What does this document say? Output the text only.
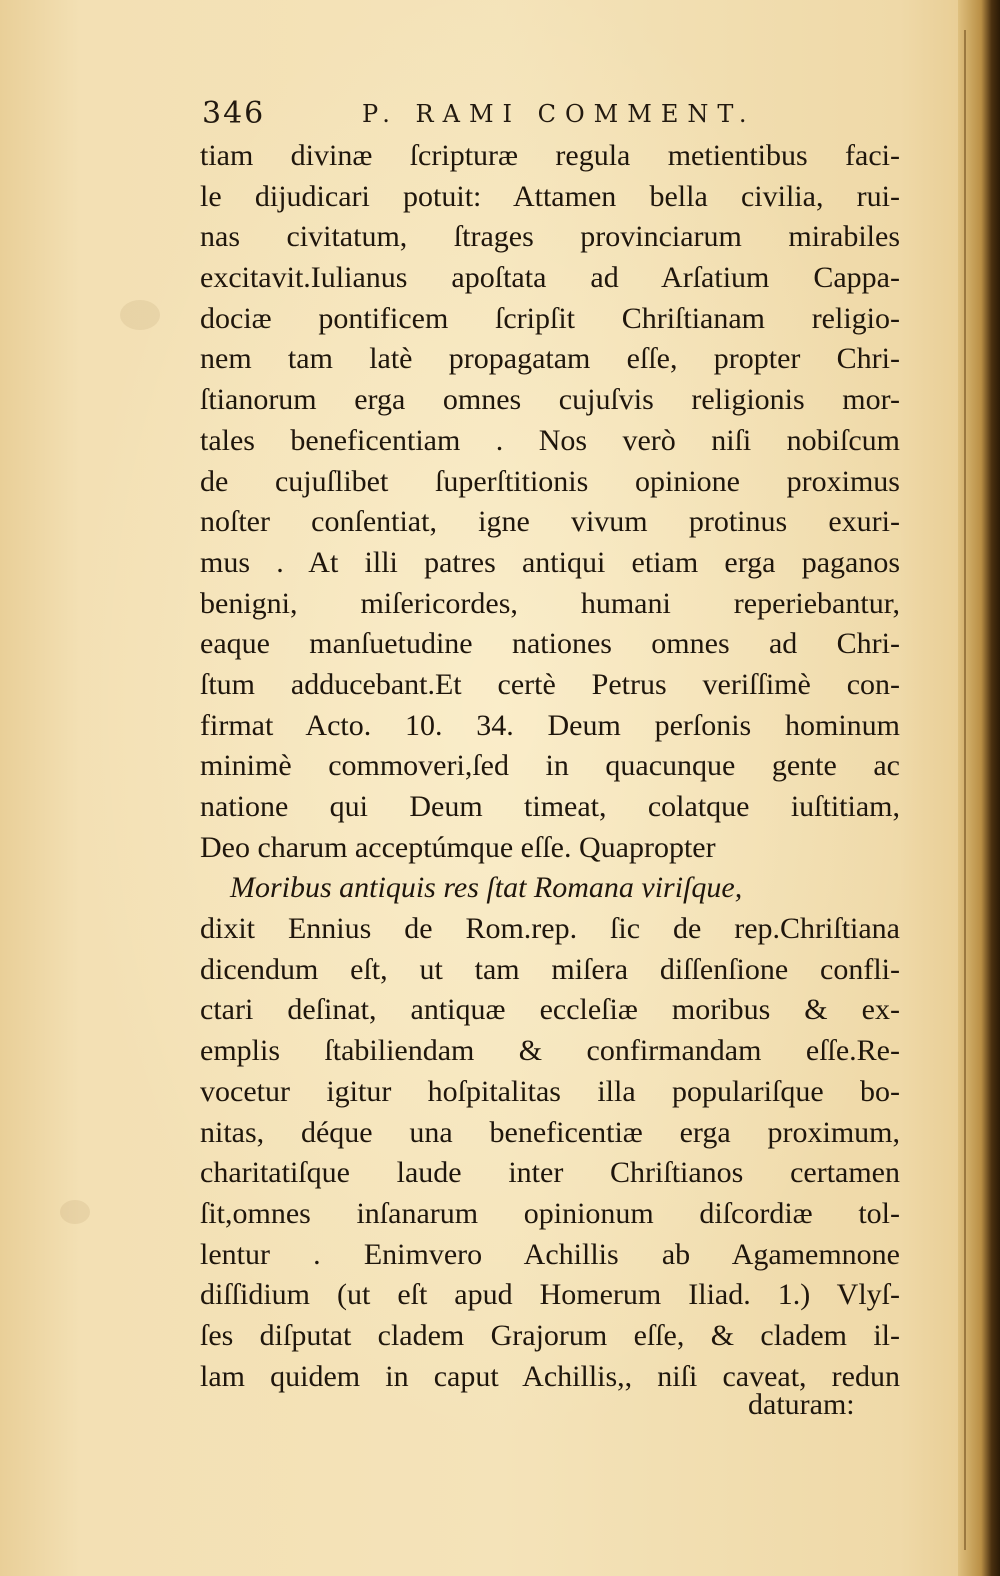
346	P. RAMI COMMENT.
tiam divinæ ſcripturæ regula metientibus faci-
le dijudicari potuit: Attamen bella civilia, rui-
nas civitatum, ſtrages provinciarum mirabiles
excitavit.Iulianus apoſtata ad Arſatium Cappa-
dociæ pontificem ſcripſit Chriſtianam religio-
nem tam latè propagatam eſſe, propter Chri-
ſtianorum erga omnes cujuſvis religionis mor-
tales beneficentiam . Nos verò niſi nobiſcum
de cujuſlibet ſuperſtitionis opinione proximus
noſter conſentiat, igne vivum protinus exuri-
mus . At illi patres antiqui etiam erga paganos
benigni, miſericordes, humani reperiebantur,
eaque manſuetudine nationes omnes ad Chri-
ſtum adducebant.Et certè Petrus veriſſimè con-
firmat Acto. 10. 34. Deum perſonis hominum
minimè commoveri,ſed in quacunque gente ac
natione qui Deum timeat, colatque iuſtitiam,
Deo charum acceptúmque eſſe. Quapropter
Moribus antiquis res ſtat Romana viriſque,
dixit Ennius de Rom.rep. ſic de rep.Chriſtiana
dicendum eſt, ut tam miſera diſſenſione confli-
ctari deſinat, antiquæ eccleſiæ moribus & ex-
emplis ſtabiliendam & confirmandam eſſe.Re-
vocetur igitur hoſpitalitas illa populariſque bo-
nitas, déque una beneficentiæ erga proximum,
charitatiſque laude inter Chriſtianos certamen
ſit,omnes inſanarum opinionum diſcordiæ tol-
lentur . Enimvero Achillis ab Agamemnone
diſſidium (ut eſt apud Homerum Iliad. 1.) Vlyſ-
ſes diſputat cladem Grajorum eſſe, & cladem il-
lam quidem in caput Achillis,, niſi caveat, redun
daturam:
